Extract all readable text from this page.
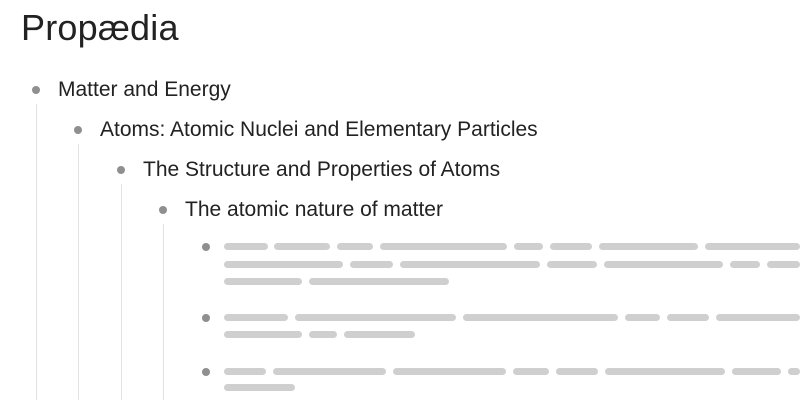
Propædia
Matter and Energy
Atoms: Atomic Nuclei and Elementary Particles
The Structure and Properties of Atoms
The atomic nature of matter
